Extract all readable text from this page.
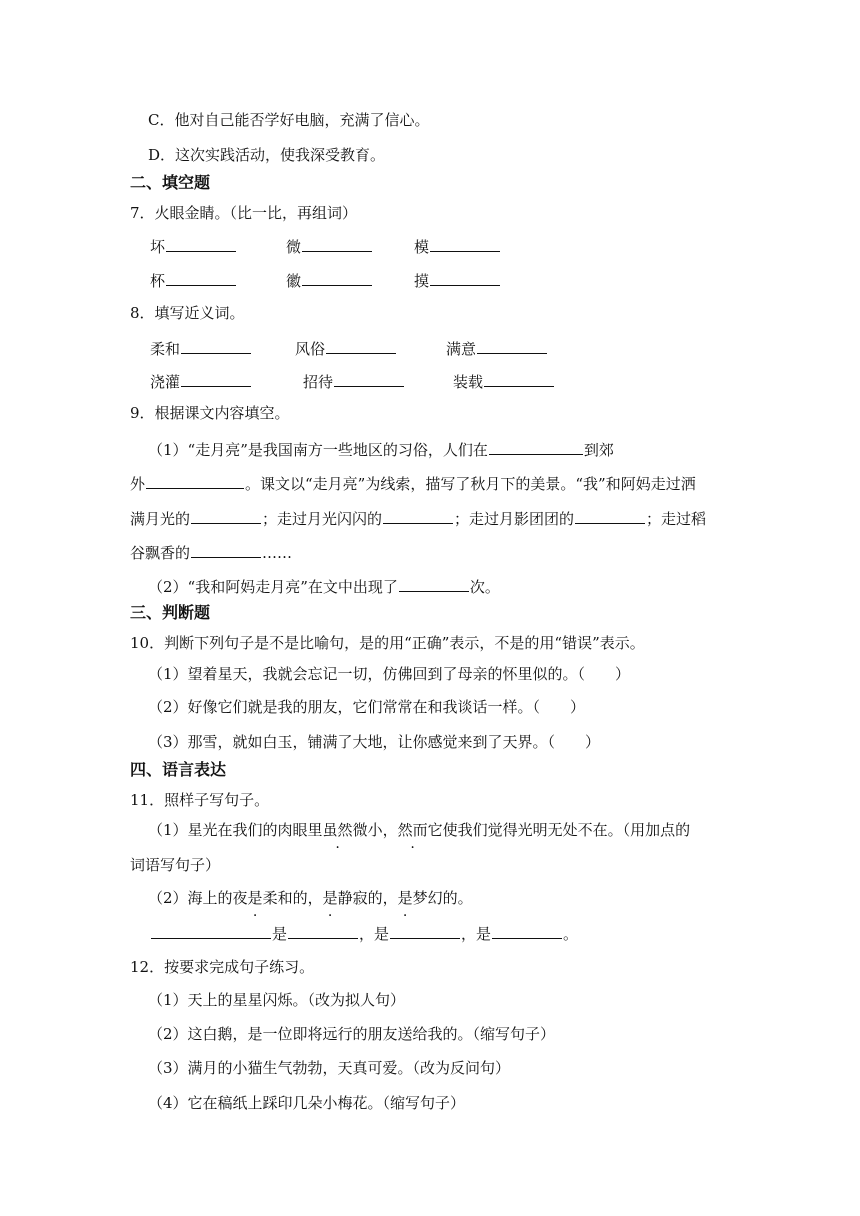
C．他对自己能否学好电脑，充满了信心。
D．这次实践活动，使我深受教育。
二、填空题
7．火眼金睛。（比一比，再组词）
坏	微	模
杯	徽	摸
8．填写近义词。
柔和	风俗	满意
浇灌	招待	装载
9．根据课文内容填空。
（1）“走月亮”是我国南方一些地区的习俗，人们在	到郊
外	。课文以“走月亮”为线索，描写了秋月下的美景。“我”和阿妈走过洒
满月光的	；走过月光闪闪的	；走过月影团团的	；走过稻
谷飘香的	……
（2）“我和阿妈走月亮”在文中出现了	次。
三、判断题
10．判断下列句子是不是比喻句，是的用“正确”表示，不是的用“错误”表示。
（1）望着星天，我就会忘记一切，仿佛回到了母亲的怀里似的。（　　）
（2）好像它们就是我的朋友，它们常常在和我谈话一样。（　　）
（3）那雪，就如白玉，铺满了大地，让你感觉来到了天界。（　　）
四、语言表达
11．照样子写句子。
（1）星光在我们的肉眼里虽然微小，然而它使我们觉得光明无处不在。（用加点的
词语写句子）
（2）海上的夜是柔和的，是静寂的，是梦幻的。
是	，是	，是	。
12．按要求完成句子练习。
（1）天上的星星闪烁。（改为拟人句）
（2）这白鹅，是一位即将远行的朋友送给我的。（缩写句子）
（3）满月的小猫生气勃勃，天真可爱。（改为反问句）
（4）它在稿纸上踩印几朵小梅花。（缩写句子）
